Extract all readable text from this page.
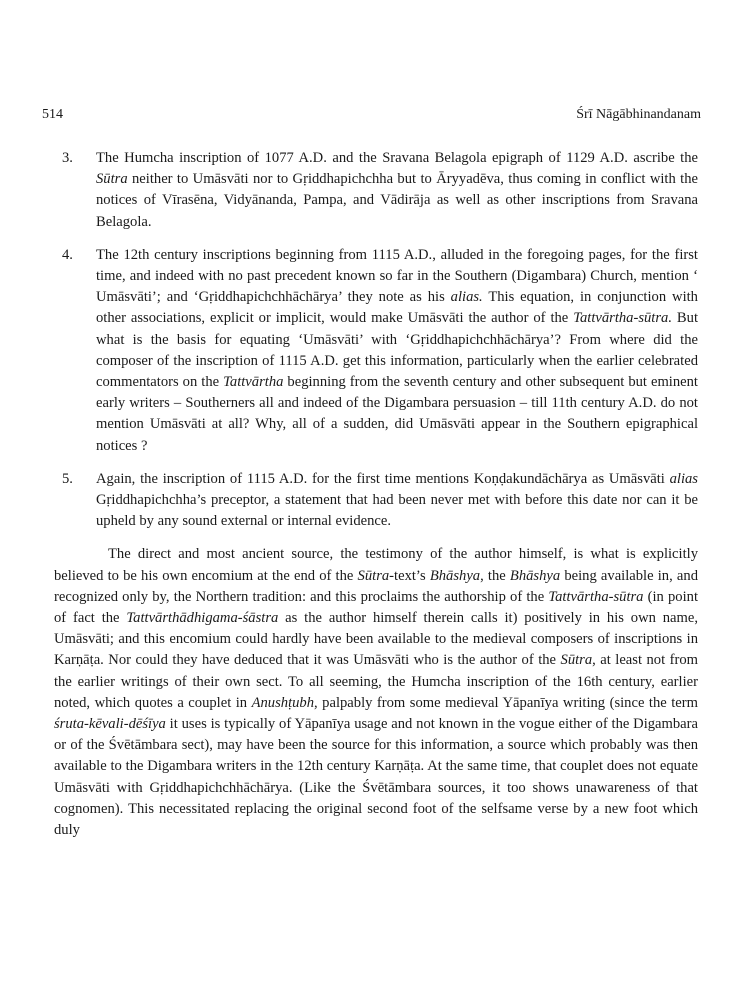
514	Śrī Nāgābhinandanam
3. The Humcha inscription of 1077 A.D. and the Sravana Belagola epigraph of 1129 A.D. ascribe the Sūtra neither to Umāsvāti nor to Gṛiddhapichchha but to Āryyadēva, thus coming in conflict with the notices of Vīrasēna, Vidyānanda, Pampa, and Vādirāja as well as other inscriptions from Sravana Belagola.
4. The 12th century inscriptions beginning from 1115 A.D., alluded in the foregoing pages, for the first time, and indeed with no past precedent known so far in the Southern (Digambara) Church, mention ‘ Umāsvāti’; and ‘Gṛiddhapichchhāchārya’ they note as his alias. This equation, in conjunction with other associations, explicit or implicit, would make Umāsvāti the author of the Tattvārtha-sūtra. But what is the basis for equating ‘Umāsvāti’ with ‘Gṛiddhapichchhāchārya’? From where did the composer of the inscription of 1115 A.D. get this information, particularly when the earlier celebrated commentators on the Tattvārtha beginning from the seventh century and other subsequent but eminent early writers – Southerners all and indeed of the Digambara persuasion – till 11th century A.D. do not mention Umāsvāti at all? Why, all of a sudden, did Umāsvāti appear in the Southern epigraphical notices ?
5. Again, the inscription of 1115 A.D. for the first time mentions Koṇḍakundāchārya as Umāsvāti alias Gṛiddhapichchha’s preceptor, a statement that had been never met with before this date nor can it be upheld by any sound external or internal evidence.
The direct and most ancient source, the testimony of the author himself, is what is explicitly believed to be his own encomium at the end of the Sūtra-text’s Bhāshya, the Bhāshya being available in, and recognized only by, the Northern tradition: and this proclaims the authorship of the Tattvārtha-sūtra (in point of fact the Tattvārthādhigama-śāstra as the author himself therein calls it) positively in his own name, Umāsvāti; and this encomium could hardly have been available to the medieval composers of inscriptions in Karṇāṭa. Nor could they have deduced that it was Umāsvāti who is the author of the Sūtra, at least not from the earlier writings of their own sect. To all seeming, the Humcha inscription of the 16th century, earlier noted, which quotes a couplet in Anushṭubh, palpably from some medieval Yāpanīya writing (since the term śruta-kēvali-dēśīya it uses is typically of Yāpanīya usage and not known in the vogue either of the Digambara or of the Śvētāmbara sect), may have been the source for this information, a source which probably was then available to the Digambara writers in the 12th century Karṇāṭa. At the same time, that couplet does not equate Umāsvāti with Gṛiddhapichchhāchārya. (Like the Śvētāmbara sources, it too shows unawareness of that cognomen). This necessitated replacing the original second foot of the selfsame verse by a new foot which duly
